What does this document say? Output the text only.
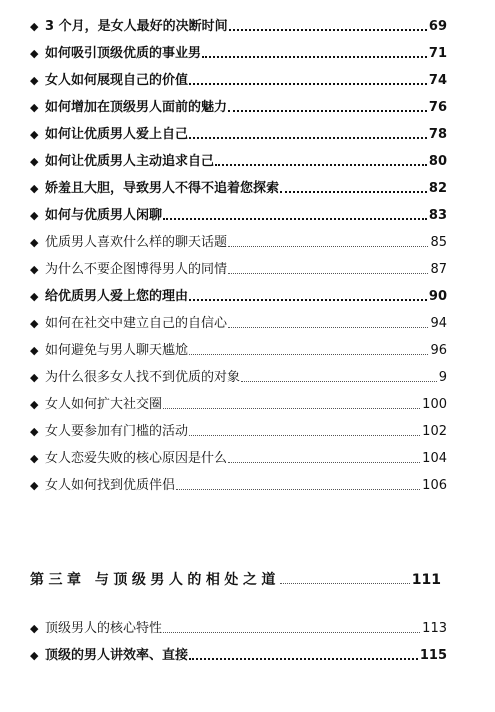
◆ 3 个月，是女人最好的决断时间	69
◆ 如何吸引顶级优质的事业男	71
◆ 女人如何展现自己的价值	74
◆ 如何增加在顶级男人面前的魅力	76
◆ 如何让优质男人爱上自己	78
◆ 如何让优质男人主动追求自己	80
◆ 娇羞且大胆，导致男人不得不追着您探索	82
◆ 如何与优质男人闲聊	83
◆ 优质男人喜欢什么样的聊天话题	85
◆ 为什么不要企图博得男人的同情	87
◆ 给优质男人爱上您的理由	90
◆ 如何在社交中建立自己的自信心	94
◆ 如何避免与男人聊天尴尬	96
◆ 为什么很多女人找不到优质的对象	9
◆ 女人如何扩大社交圈	100
◆ 女人要参加有门槛的活动	102
◆ 女人恋爱失败的核心原因是什么	104
◆ 女人如何找到优质伴侣	106
第三章 与顶级男人的相处之道	111
◆ 顶级男人的核心特性	113
◆ 顶级的男人讲效率、直接	115
